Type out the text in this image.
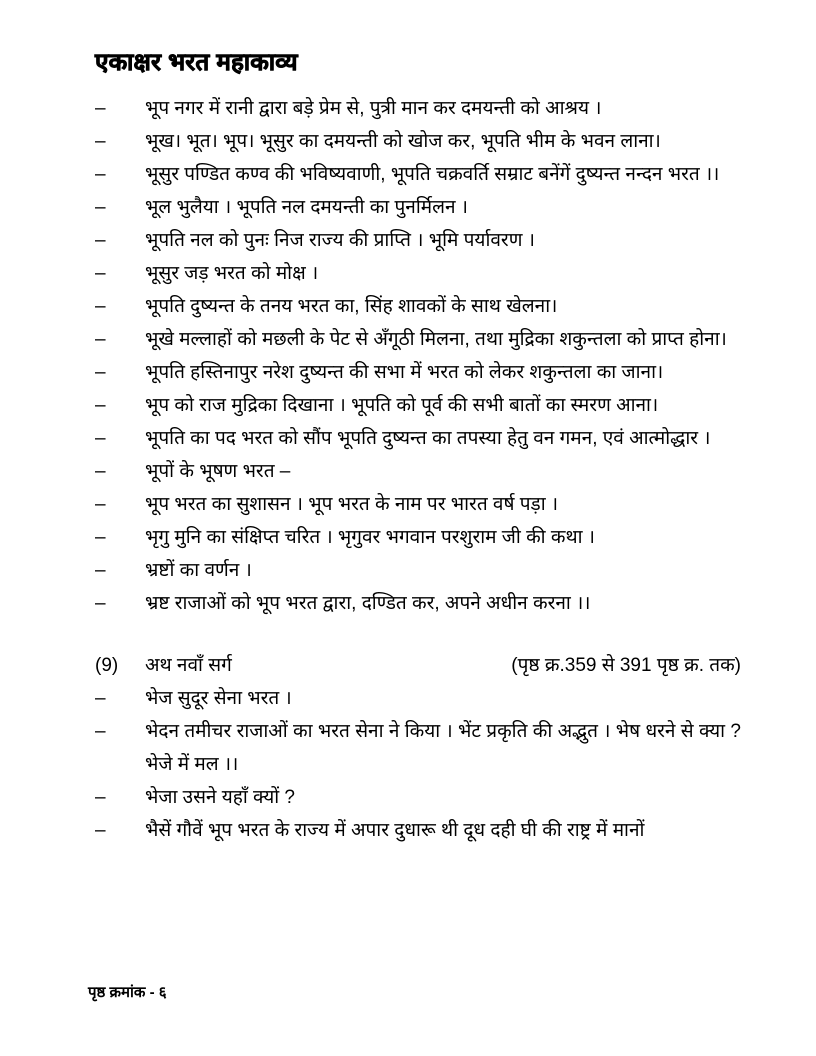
एकाक्षर भरत महाकाव्य
–	भूप नगर में रानी द्वारा बड़े प्रेम से, पुत्री मान कर दमयन्ती को आश्रय ।
–	भूख। भूत। भूप। भूसुर का दमयन्ती को खोज कर, भूपति भीम के भवन लाना।
–	भूसुर पण्डित कण्व की भविष्यवाणी, भूपति चक्रवर्ति सम्राट बनेंगें दुष्यन्त नन्दन भरत ।।
–	भूल भुलैया । भूपति नल दमयन्ती का पुनर्मिलन ।
–	भूपति नल को पुनः निज राज्य की प्राप्ति । भूमि पर्यावरण ।
–	भूसुर जड़ भरत को मोक्ष ।
–	भूपति दुष्यन्त के तनय भरत का, सिंह शावकों के साथ खेलना।
–	भूखे मल्लाहों को मछली के पेट से अँगूठी मिलना, तथा मुद्रिका शकुन्तला को प्राप्त होना।
–	भूपति हस्तिनापुर नरेश दुष्यन्त की सभा में भरत को लेकर शकुन्तला का जाना।
–	भूप को राज मुद्रिका दिखाना । भूपति को पूर्व की सभी बातों का स्मरण आना।
–	भूपति का पद भरत को सौंप भूपति दुष्यन्त का तपस्या हेतु वन गमन, एवं आत्मोद्धार ।
–	भूपों के भूषण भरत –
–	भूप भरत का सुशासन । भूप भरत के नाम पर भारत वर्ष पड़ा ।
–	भृगु मुनि का संक्षिप्त चरित । भृगुवर भगवान परशुराम जी की कथा ।
–	भ्रष्टों का वर्णन ।
–	भ्रष्ट राजाओं को भूप भरत द्वारा, दण्डित कर, अपने अधीन करना ।।
(9)	अथ नवाँ सर्ग	(पृष्ठ क्र.359 से 391 पृष्ठ क्र. तक)
–	भेज सुदूर सेना भरत ।
–	भेदन तमीचर राजाओं का भरत सेना ने किया । भेंट प्रकृति की अद्भुत । भेष धरने से क्या ? भेजे में मल ।।
–	भेजा उसने यहाँ क्यों ?
–	भैसें गौवें भूप भरत के राज्य में अपार दुधारू थी दूध दही घी की राष्ट्र में मानों
पृष्ठ क्रमांक - ६
